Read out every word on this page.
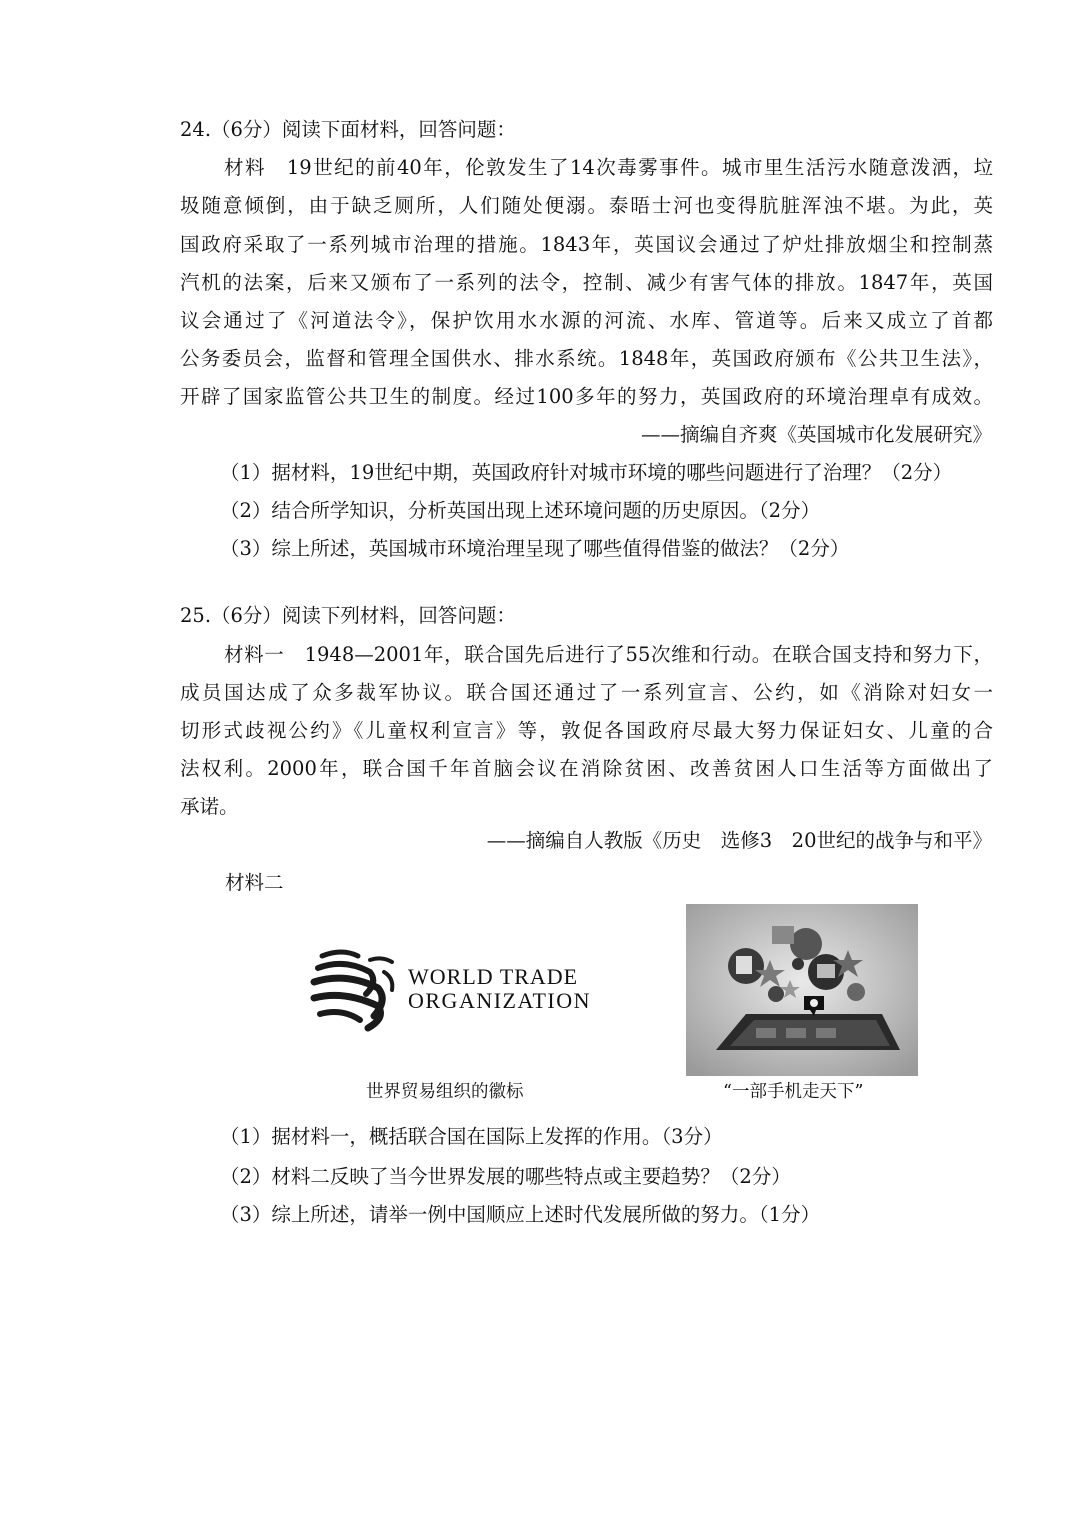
24.（6分）阅读下面材料，回答问题：
材料　19世纪的前40年，伦敦发生了14次毒雾事件。城市里生活污水随意泼洒，垃
圾随意倾倒，由于缺乏厕所，人们随处便溺。泰晤士河也变得肮脏浑浊不堪。为此，英
国政府采取了一系列城市治理的措施。1843年，英国议会通过了炉灶排放烟尘和控制蒸
汽机的法案，后来又颁布了一系列的法令，控制、减少有害气体的排放。1847年，英国
议会通过了《河道法令》，保护饮用水水源的河流、水库、管道等。后来又成立了首都
公务委员会，监督和管理全国供水、排水系统。1848年，英国政府颁布《公共卫生法》，
开辟了国家监管公共卫生的制度。经过100多年的努力，英国政府的环境治理卓有成效。
——摘编自齐爽《英国城市化发展研究》
（1）据材料，19世纪中期，英国政府针对城市环境的哪些问题进行了治理？（2分）
（2）结合所学知识，分析英国出现上述环境问题的历史原因。（2分）
（3）综上所述，英国城市环境治理呈现了哪些值得借鉴的做法？（2分）
25.（6分）阅读下列材料，回答问题：
材料一　1948—2001年，联合国先后进行了55次维和行动。在联合国支持和努力下，
成员国达成了众多裁军协议。联合国还通过了一系列宣言、公约，如《消除对妇女一
切形式歧视公约》《儿童权利宣言》等，敦促各国政府尽最大努力保证妇女、儿童的合
法权利。2000年，联合国千年首脑会议在消除贫困、改善贫困人口生活等方面做出了
承诺。
——摘编自人教版《历史　选修3　20世纪的战争与和平》
材料二
WORLD TRADE
ORGANIZATION
世界贸易组织的徽标	“一部手机走天下”
（1）据材料一，概括联合国在国际上发挥的作用。（3分）
（2）材料二反映了当今世界发展的哪些特点或主要趋势？（2分）
（3）综上所述，请举一例中国顺应上述时代发展所做的努力。（1分）
